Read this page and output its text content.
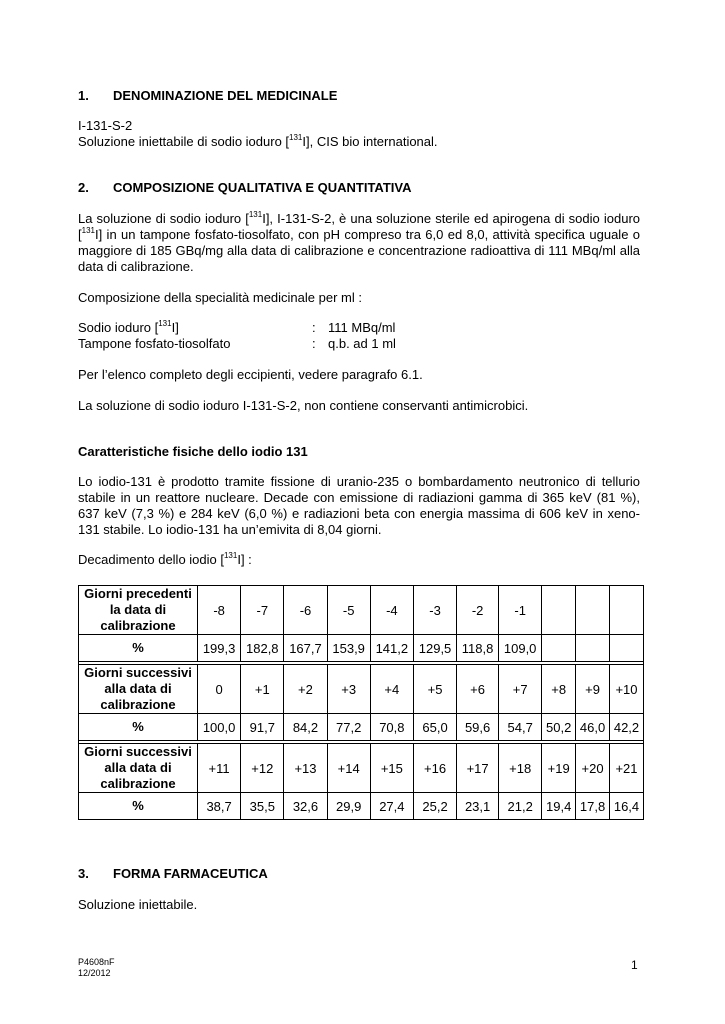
1. DENOMINAZIONE DEL MEDICINALE
I-131-S-2
Soluzione iniettabile di sodio ioduro [$^{131}$I], CIS bio international.
2. COMPOSIZIONE QUALITATIVA E QUANTITATIVA
La soluzione di sodio ioduro [$^{131}$I], I-131-S-2, è una soluzione sterile ed apirogena di sodio ioduro [$^{131}$I] in un tampone fosfato-tiosolfato, con pH compreso tra 6,0 ed 8,0, attività specifica uguale o maggiore di 185 GBq/mg alla data di calibrazione e concentrazione radioattiva di 111 MBq/ml alla data di calibrazione.
Composizione della specialità medicinale per ml :
Sodio ioduro [$^{131}$I]	: 111 MBq/ml
Tampone fosfato-tiosolfato	: q.b. ad 1 ml
Per l’elenco completo degli eccipienti, vedere paragrafo 6.1.
La soluzione di sodio ioduro I-131-S-2, non contiene conservanti antimicrobici.
Caratteristiche fisiche dello iodio 131
Lo iodio-131 è prodotto tramite fissione di uranio-235 o bombardamento neutronico di tellurio stabile in un reattore nucleare. Decade con emissione di radiazioni gamma di 365 keV (81 %), 637 keV (7,3 %) e 284 keV (6,0 %) e radiazioni beta con energia massima di 606 keV in xeno-131 stabile. Lo iodio-131 ha un’emivita di 8,04 giorni.
Decadimento dello iodio [$^{131}$I] :
Giorni precedenti la data di calibrazione	-8	-7	-6	-5	-4	-3	-2	-1			
%	199,3	182,8	167,7	153,9	141,2	129,5	118,8	109,0			

Giorni successivi alla data di calibrazione	0	+1	+2	+3	+4	+5	+6	+7	+8	+9	+10
%	100,0	91,7	84,2	77,2	70,8	65,0	59,6	54,7	50,2	46,0	42,2

Giorni successivi alla data di calibrazione	+11	+12	+13	+14	+15	+16	+17	+18	+19	+20	+21
%	38,7	35,5	32,6	29,9	27,4	25,2	23,1	21,2	19,4	17,8	16,4
3. FORMA FARMACEUTICA
Soluzione iniettabile.
P4608nF
12/2012
1
